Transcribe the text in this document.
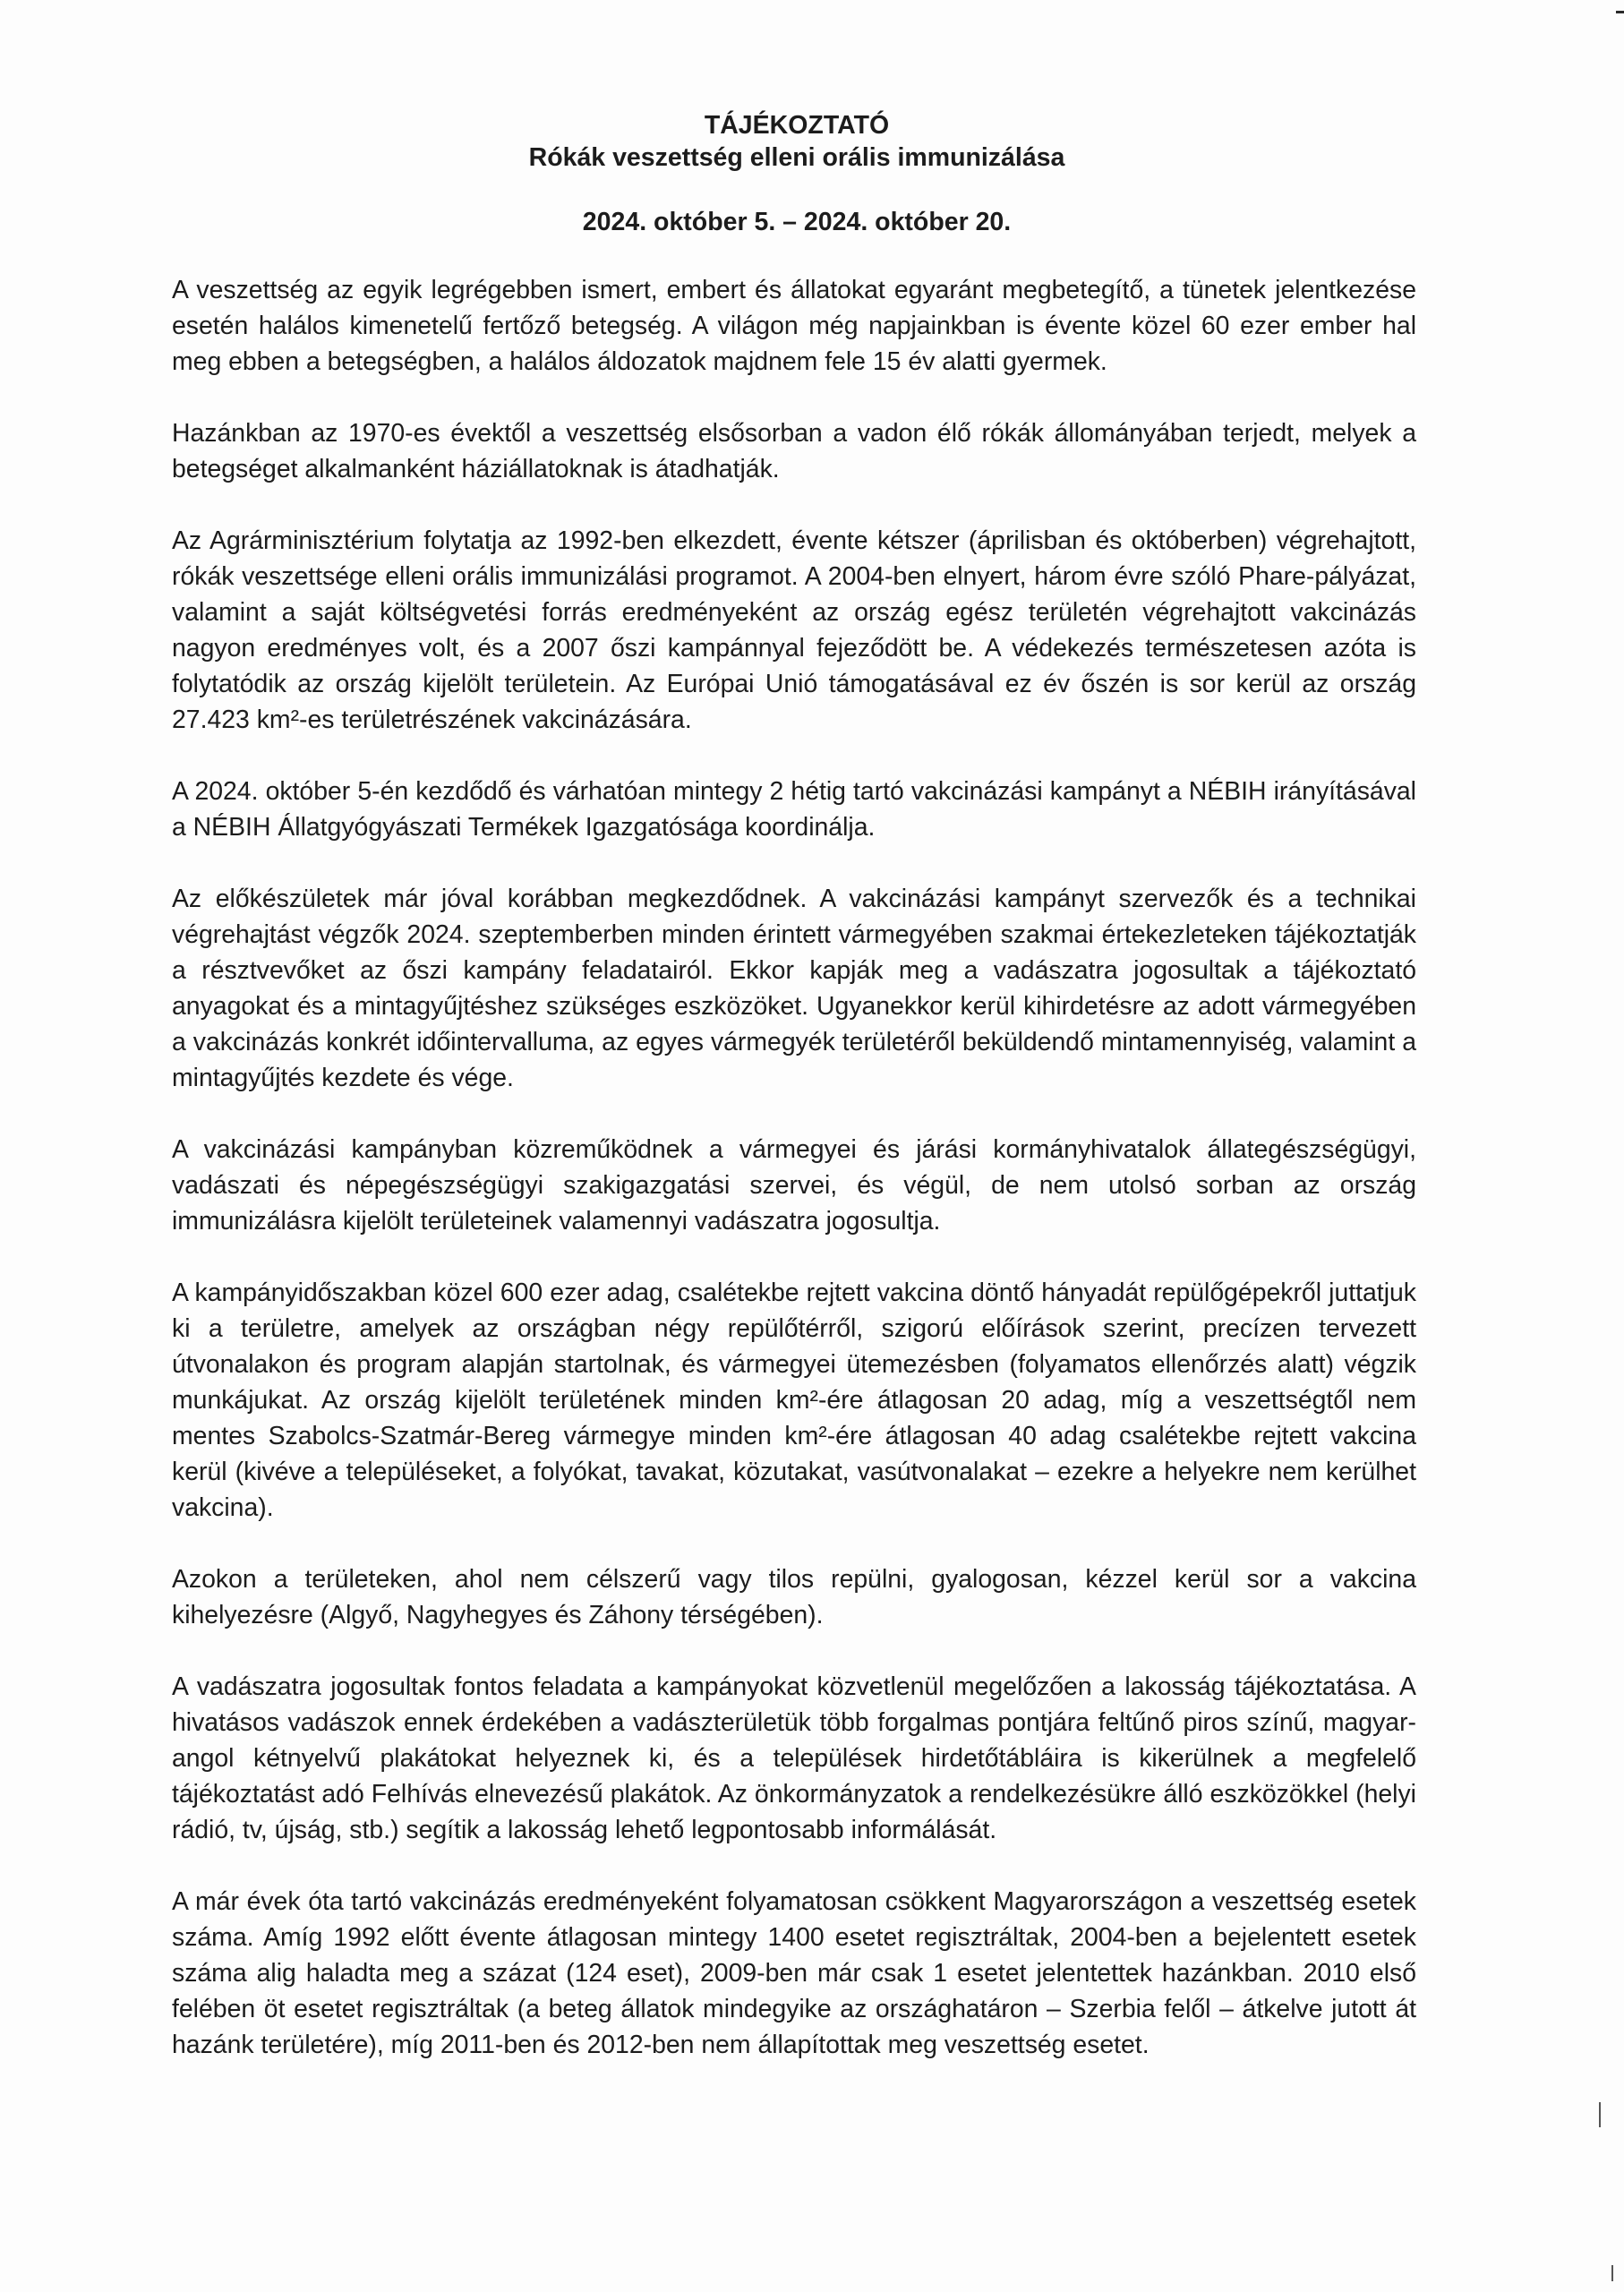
TÁJÉKOZTATÓ
Rókák veszettség elleni orális immunizálása
2024. október 5. – 2024. október 20.

A veszettség az egyik legrégebben ismert, embert és állatokat egyaránt megbetegítő, a tünetek jelentkezése esetén halálos kimenetelű fertőző betegség. A világon még napjainkban is évente közel 60 ezer ember hal meg ebben a betegségben, a halálos áldozatok majdnem fele 15 év alatti gyermek.

Hazánkban az 1970-es évektől a veszettség elsősorban a vadon élő rókák állományában terjedt, melyek a betegséget alkalmanként háziállatoknak is átadhatják.

Az Agrárminisztérium folytatja az 1992-ben elkezdett, évente kétszer (áprilisban és októberben) végrehajtott, rókák veszettsége elleni orális immunizálási programot. A 2004-ben elnyert, három évre szóló Phare-pályázat, valamint a saját költségvetési forrás eredményeként az ország egész területén végrehajtott vakcinázás nagyon eredményes volt, és a 2007 őszi kampánnyal fejeződött be. A védekezés természetesen azóta is folytatódik az ország kijelölt területein. Az Európai Unió támogatásával ez év őszén is sor kerül az ország 27.423 km²-es területrészének vakcinázására.

A 2024. október 5-én kezdődő és várhatóan mintegy 2 hétig tartó vakcinázási kampányt a NÉBIH irányításával a NÉBIH Állatgyógyászati Termékek Igazgatósága koordinálja.

Az előkészületek már jóval korábban megkezdődnek. A vakcinázási kampányt szervezők és a technikai végrehajtást végzők 2024. szeptemberben minden érintett vármegyében szakmai értekezleteken tájékoztatják a résztvevőket az őszi kampány feladatairól. Ekkor kapják meg a vadászatra jogosultak a tájékoztató anyagokat és a mintagyűjtéshez szükséges eszközöket. Ugyanekkor kerül kihirdetésre az adott vármegyében a vakcinázás konkrét időintervalluma, az egyes vármegyék területéről beküldendő mintamennyiség, valamint a mintagyűjtés kezdete és vége.

A vakcinázási kampányban közreműködnek a vármegyei és járási kormányhivatalok állategészségügyi, vadászati és népegészségügyi szakigazgatási szervei, és végül, de nem utolsó sorban az ország immunizálásra kijelölt területeinek valamennyi vadászatra jogosultja.

A kampányidőszakban közel 600 ezer adag, csalétekbe rejtett vakcina döntő hányadát repülőgépekről juttatjuk ki a területre, amelyek az országban négy repülőtérről, szigorú előírások szerint, precízen tervezett útvonalakon és program alapján startolnak, és vármegyei ütemezésben (folyamatos ellenőrzés alatt) végzik munkájukat. Az ország kijelölt területének minden km²-ére átlagosan 20 adag, míg a veszettségtől nem mentes Szabolcs-Szatmár-Bereg vármegye minden km²-ére átlagosan 40 adag csalétekbe rejtett vakcina kerül (kivéve a településeket, a folyókat, tavakat, közutakat, vasútvonalakat – ezekre a helyekre nem kerülhet vakcina).

Azokon a területeken, ahol nem célszerű vagy tilos repülni, gyalogosan, kézzel kerül sor a vakcina kihelyezésre (Algyő, Nagyhegyes és Záhony térségében).

A vadászatra jogosultak fontos feladata a kampányokat közvetlenül megelőzően a lakosság tájékoztatása. A hivatásos vadászok ennek érdekében a vadászterületük több forgalmas pontjára feltűnő piros színű, magyar-angol kétnyelvű plakátokat helyeznek ki, és a települések hirdetőtábláira is kikerülnek a megfelelő tájékoztatást adó Felhívás elnevezésű plakátok. Az önkormányzatok a rendelkezésükre álló eszközökkel (helyi rádió, tv, újság, stb.) segítik a lakosság lehető legpontosabb informálását.

A már évek óta tartó vakcinázás eredményeként folyamatosan csökkent Magyarországon a veszettség esetek száma. Amíg 1992 előtt évente átlagosan mintegy 1400 esetet regisztráltak, 2004-ben a bejelentett esetek száma alig haladta meg a százat (124 eset), 2009-ben már csak 1 esetet jelentettek hazánkban. 2010 első felében öt esetet regisztráltak (a beteg állatok mindegyike az országhatáron – Szerbia felől – átkelve jutott át hazánk területére), míg 2011-ben és 2012-ben nem állapítottak meg veszettség esetet.
